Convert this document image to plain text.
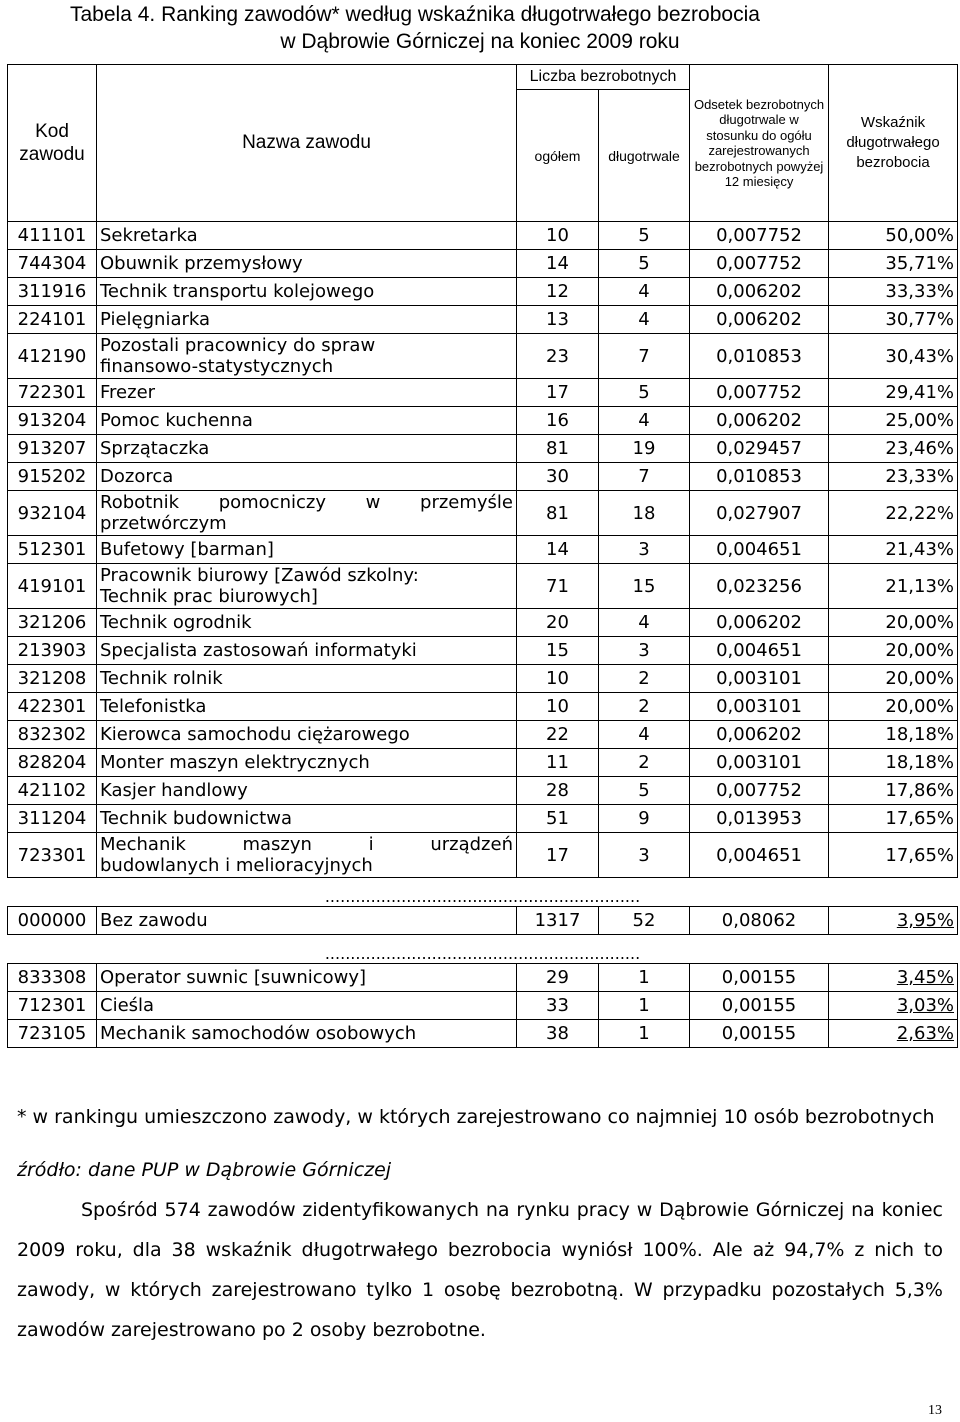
Tabela 4. Ranking zawodów* według wskaźnika długotrwałego bezrobocia
w Dąbrowie Górniczej na koniec 2009 roku
Kod
zawodu	Nazwa zawodu	Liczba bezrobotnych		Odsetek bezrobotnych długotrwale w stosunku do ogółu zarejestrowanych bezrobotnych powyżej 12 miesięcy	Wskaźnik
długotrwałego
bezrobocia
		ogółem	długotrwale		
411101	Sekretarka	10	5	0,007752	50,00%
744304	Obuwnik przemysłowy	14	5	0,007752	35,71%
311916	Technik transportu kolejowego	12	4	0,006202	33,33%
224101	Pielęgniarka	13	4	0,006202	30,77%
412190	Pozostali pracownicy do spraw
finansowo-statystycznych	23	7	0,010853	30,43%
722301	Frezer	17	5	0,007752	29,41%
913204	Pomoc kuchenna	16	4	0,006202	25,00%
913207	Sprzątaczka	81	19	0,029457	23,46%
915202	Dozorca	30	7	0,010853	23,33%
932104	Robotnik pomocniczy w przemyśle
przetwórczym	81	18	0,027907	22,22%
512301	Bufetowy [barman]	14	3	0,004651	21,43%
419101	Pracownik biurowy [Zawód szkolny:
Technik prac biurowych]	71	15	0,023256	21,13%
321206	Technik ogrodnik	20	4	0,006202	20,00%
213903	Specjalista zastosowań informatyki	15	3	0,004651	20,00%
321208	Technik rolnik	10	2	0,003101	20,00%
422301	Telefonistka	10	2	0,003101	20,00%
832302	Kierowca samochodu ciężarowego	22	4	0,006202	18,18%
828204	Monter maszyn elektrycznych	11	2	0,003101	18,18%
421102	Kasjer handlowy	28	5	0,007752	17,86%
311204	Technik budownictwa	51	9	0,013953	17,65%
723301	Mechanik maszyn i urządzeń
budowlanych i melioracyjnych	17	3	0,004651	17,65%
..............................................................					
000000	Bez zawodu	1317	52	0,08062	3,95%
..............................................................					
833308	Operator suwnic [suwnicowy]	29	1	0,00155	3,45%
712301	Cieśla	33	1	0,00155	3,03%
723105	Mechanik samochodów osobowych	38	1	0,00155	2,63%
* w rankingu umieszczono zawody, w których zarejestrowano co najmniej 10 osób bezrobotnych
źródło: dane PUP w Dąbrowie Górniczej
Spośród 574 zawodów zidentyfikowanych na rynku pracy w Dąbrowie Górniczej na koniec 2009 roku, dla 38 wskaźnik długotrwałego bezrobocia wyniósł 100%. Ale aż 94,7% z nich to zawody, w których zarejestrowano tylko 1 osobę bezrobotną. W przypadku pozostałych 5,3% zawodów zarejestrowano po 2 osoby bezrobotne.
13
